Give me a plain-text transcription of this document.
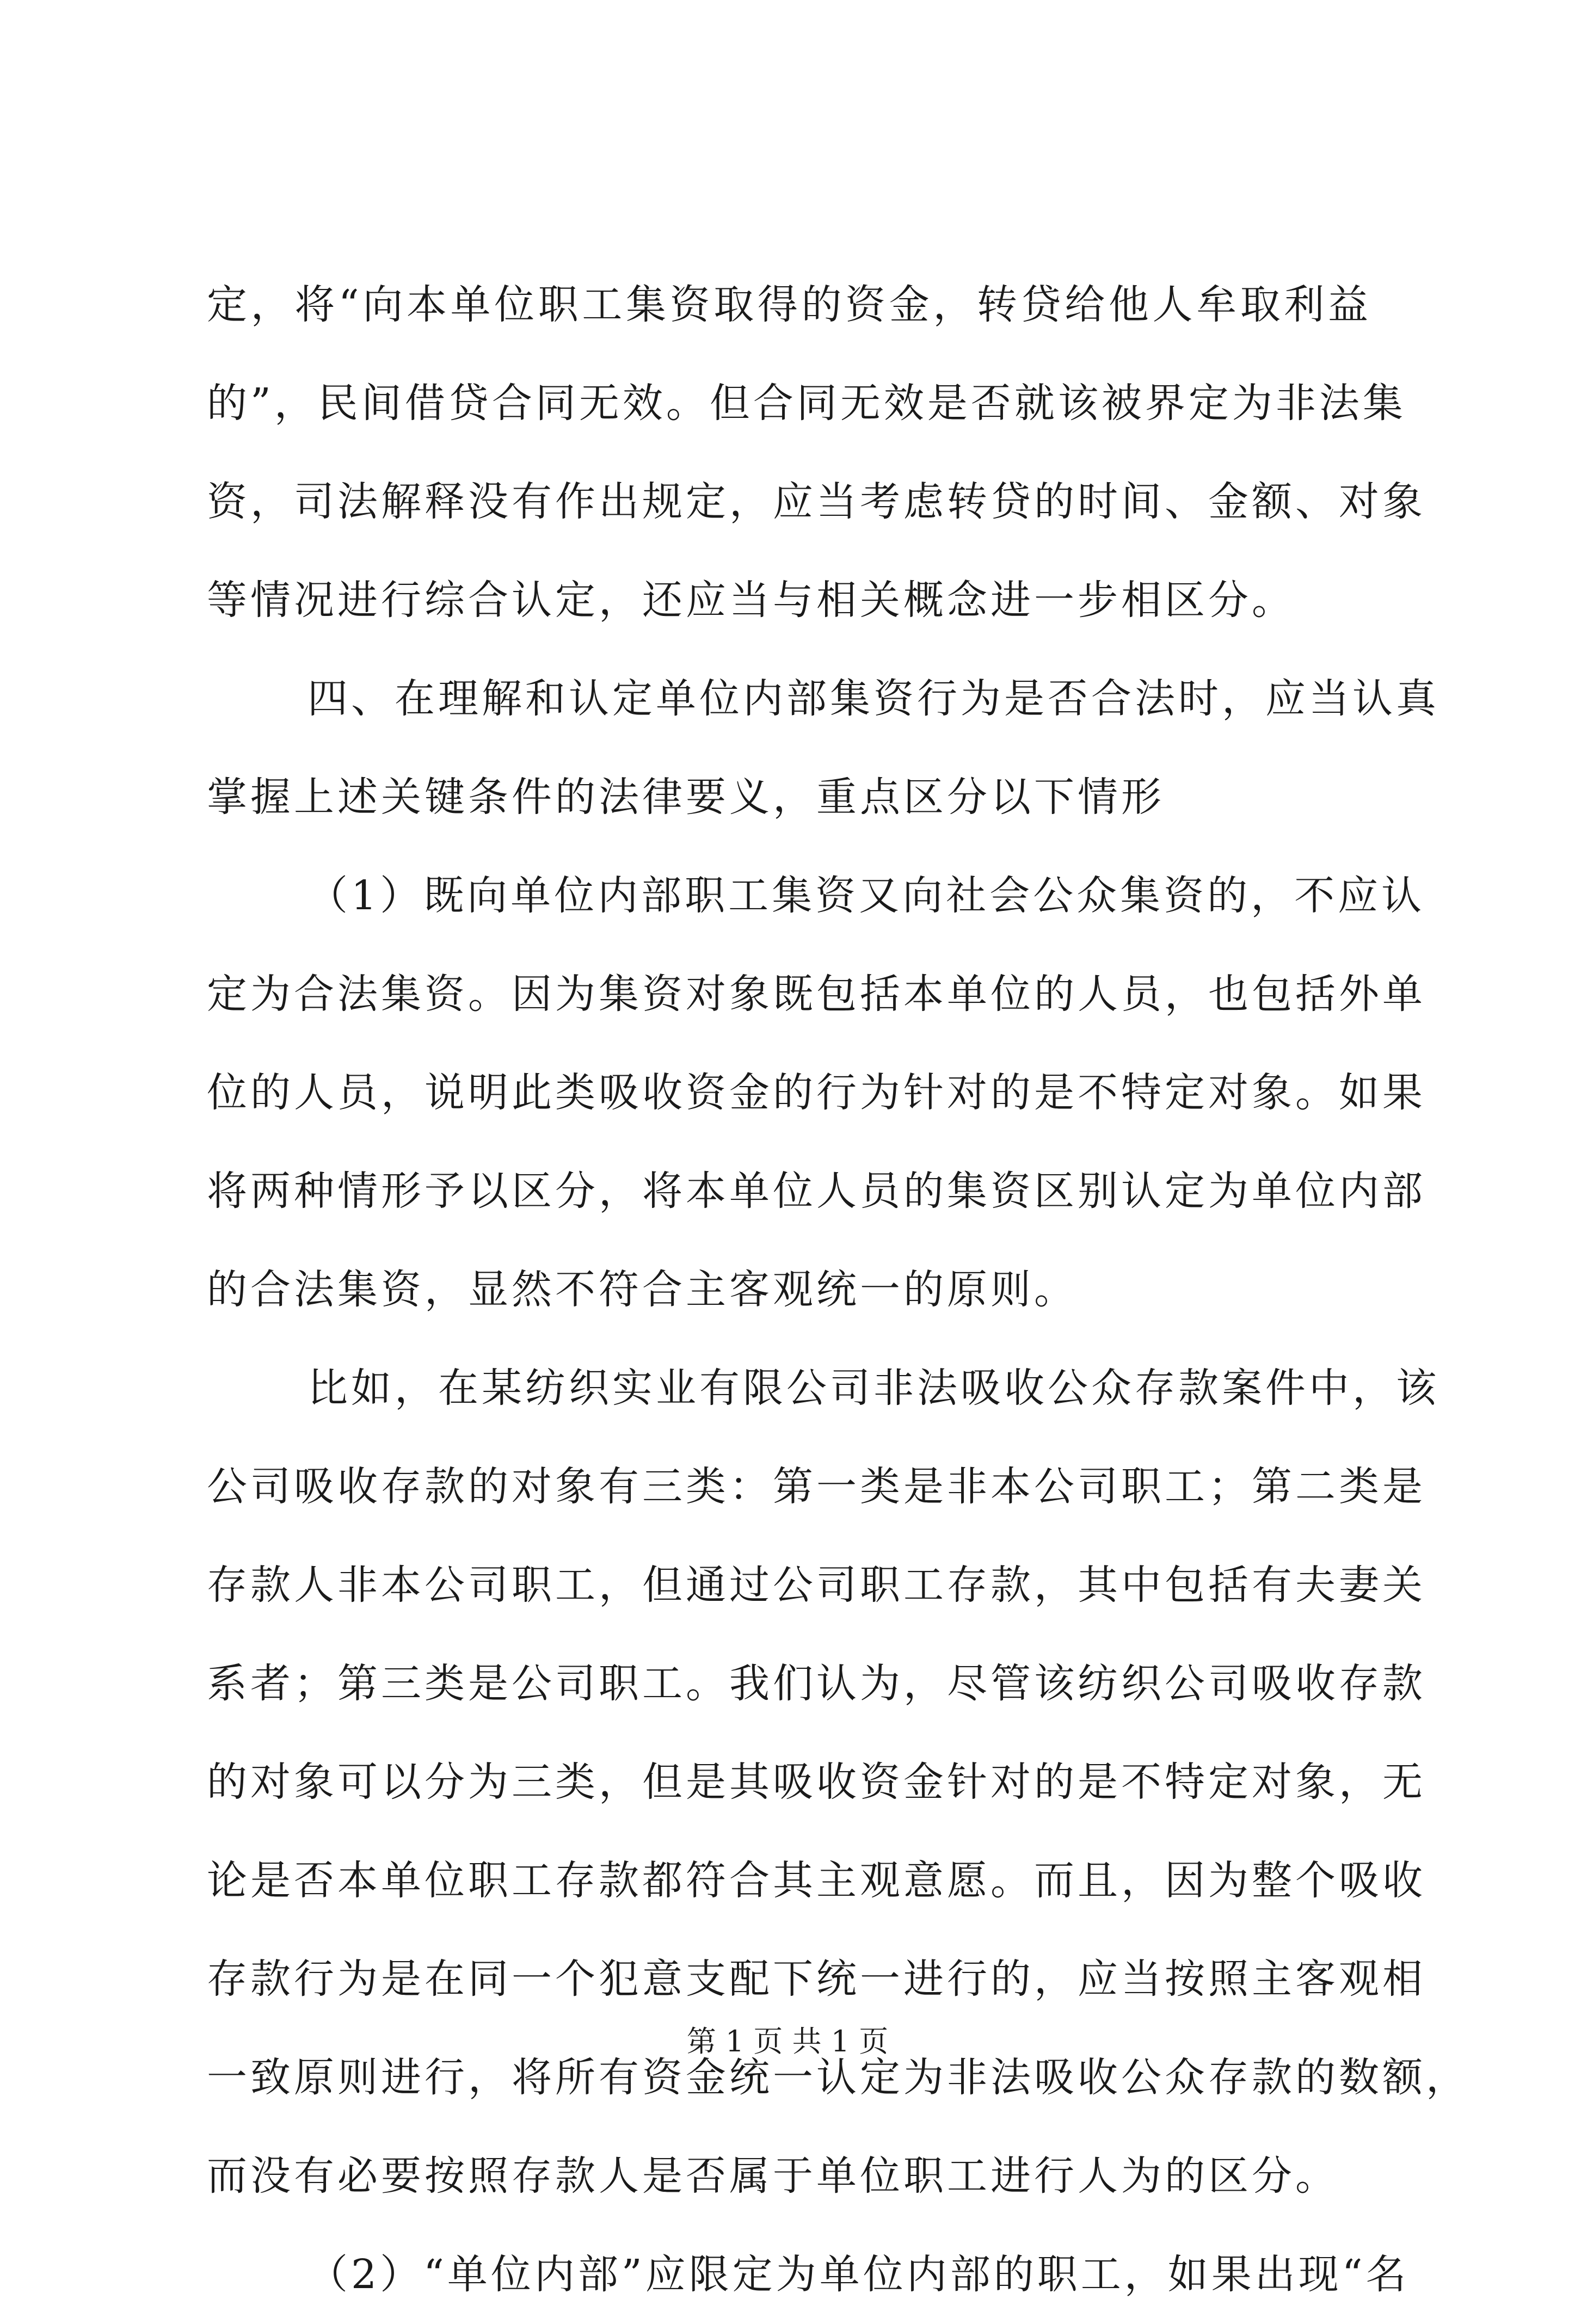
定，将“向本单位职工集资取得的资金，转贷给他人牟取利益
的”，民间借贷合同无效。但合同无效是否就该被界定为非法集
资，司法解释没有作出规定，应当考虑转贷的时间、金额、对象
等情况进行综合认定，还应当与相关概念进一步相区分。
四、在理解和认定单位内部集资行为是否合法时，应当认真
掌握上述关键条件的法律要义，重点区分以下情形
（1）既向单位内部职工集资又向社会公众集资的，不应认
定为合法集资。因为集资对象既包括本单位的人员，也包括外单
位的人员，说明此类吸收资金的行为针对的是不特定对象。如果
将两种情形予以区分，将本单位人员的集资区别认定为单位内部
的合法集资，显然不符合主客观统一的原则。
比如，在某纺织实业有限公司非法吸收公众存款案件中，该
公司吸收存款的对象有三类：第一类是非本公司职工；第二类是
存款人非本公司职工，但通过公司职工存款，其中包括有夫妻关
系者；第三类是公司职工。我们认为，尽管该纺织公司吸收存款
的对象可以分为三类，但是其吸收资金针对的是不特定对象，无
论是否本单位职工存款都符合其主观意愿。而且，因为整个吸收
存款行为是在同一个犯意支配下统一进行的，应当按照主客观相
一致原则进行，将所有资金统一认定为非法吸收公众存款的数额，
而没有必要按照存款人是否属于单位职工进行人为的区分。
（2）“单位内部”应限定为单位内部的职工，如果出现“名
第 1 页 共 1 页
